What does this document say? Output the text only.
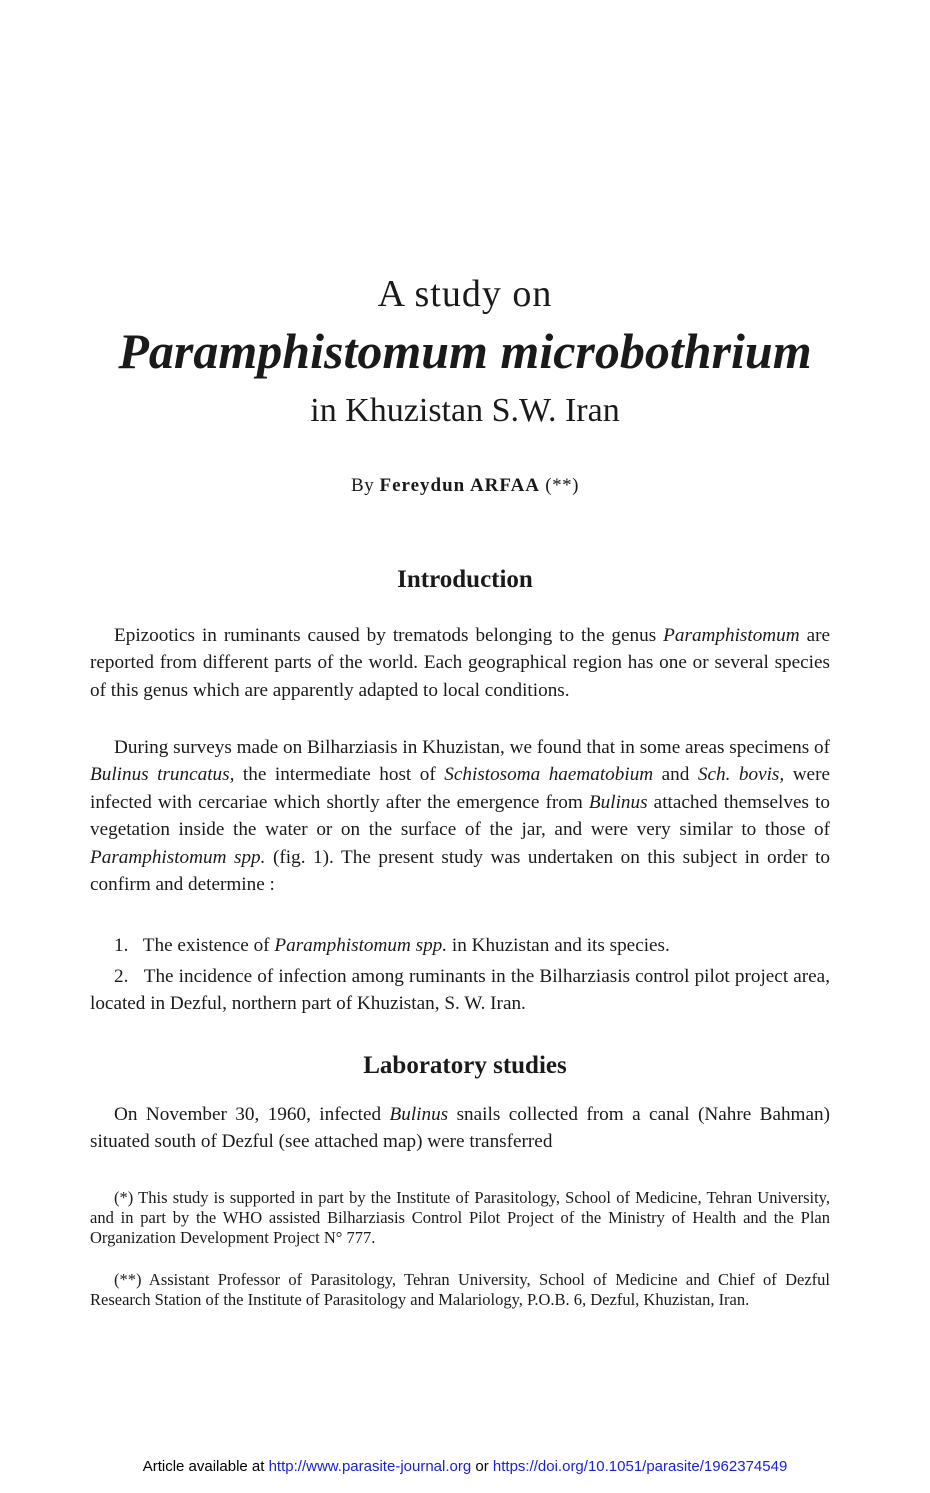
A study on
Paramphistomum microbothrium
in Khuzistan S.W. Iran
By Fereydun ARFAA (**)
Introduction
Epizootics in ruminants caused by trematods belonging to the genus Paramphistomum are reported from different parts of the world. Each geographical region has one or several species of this genus which are apparently adapted to local conditions.
During surveys made on Bilharziasis in Khuzistan, we found that in some areas specimens of Bulinus truncatus, the intermediate host of Schistosoma haematobium and Sch. bovis, were infected with cercariae which shortly after the emergence from Bulinus attached themselves to vegetation inside the water or on the surface of the jar, and were very similar to those of Paramphistomum spp. (fig. 1). The present study was undertaken on this subject in order to confirm and determine :
1. The existence of Paramphistomum spp. in Khuzistan and its species.
2. The incidence of infection among ruminants in the Bilharziasis control pilot project area, located in Dezful, northern part of Khuzistan, S. W. Iran.
Laboratory studies
On November 30, 1960, infected Bulinus snails collected from a canal (Nahre Bahman) situated south of Dezful (see attached map) were transferred
(*) This study is supported in part by the Institute of Parasitology, School of Medicine, Tehran University, and in part by the WHO assisted Bilharziasis Control Pilot Project of the Ministry of Health and the Plan Organization Development Project N° 777.
(**) Assistant Professor of Parasitology, Tehran University, School of Medicine and Chief of Dezful Research Station of the Institute of Parasitology and Malariology, P.O.B. 6, Dezful, Khuzistan, Iran.
Article available at http://www.parasite-journal.org or https://doi.org/10.1051/parasite/1962374549
